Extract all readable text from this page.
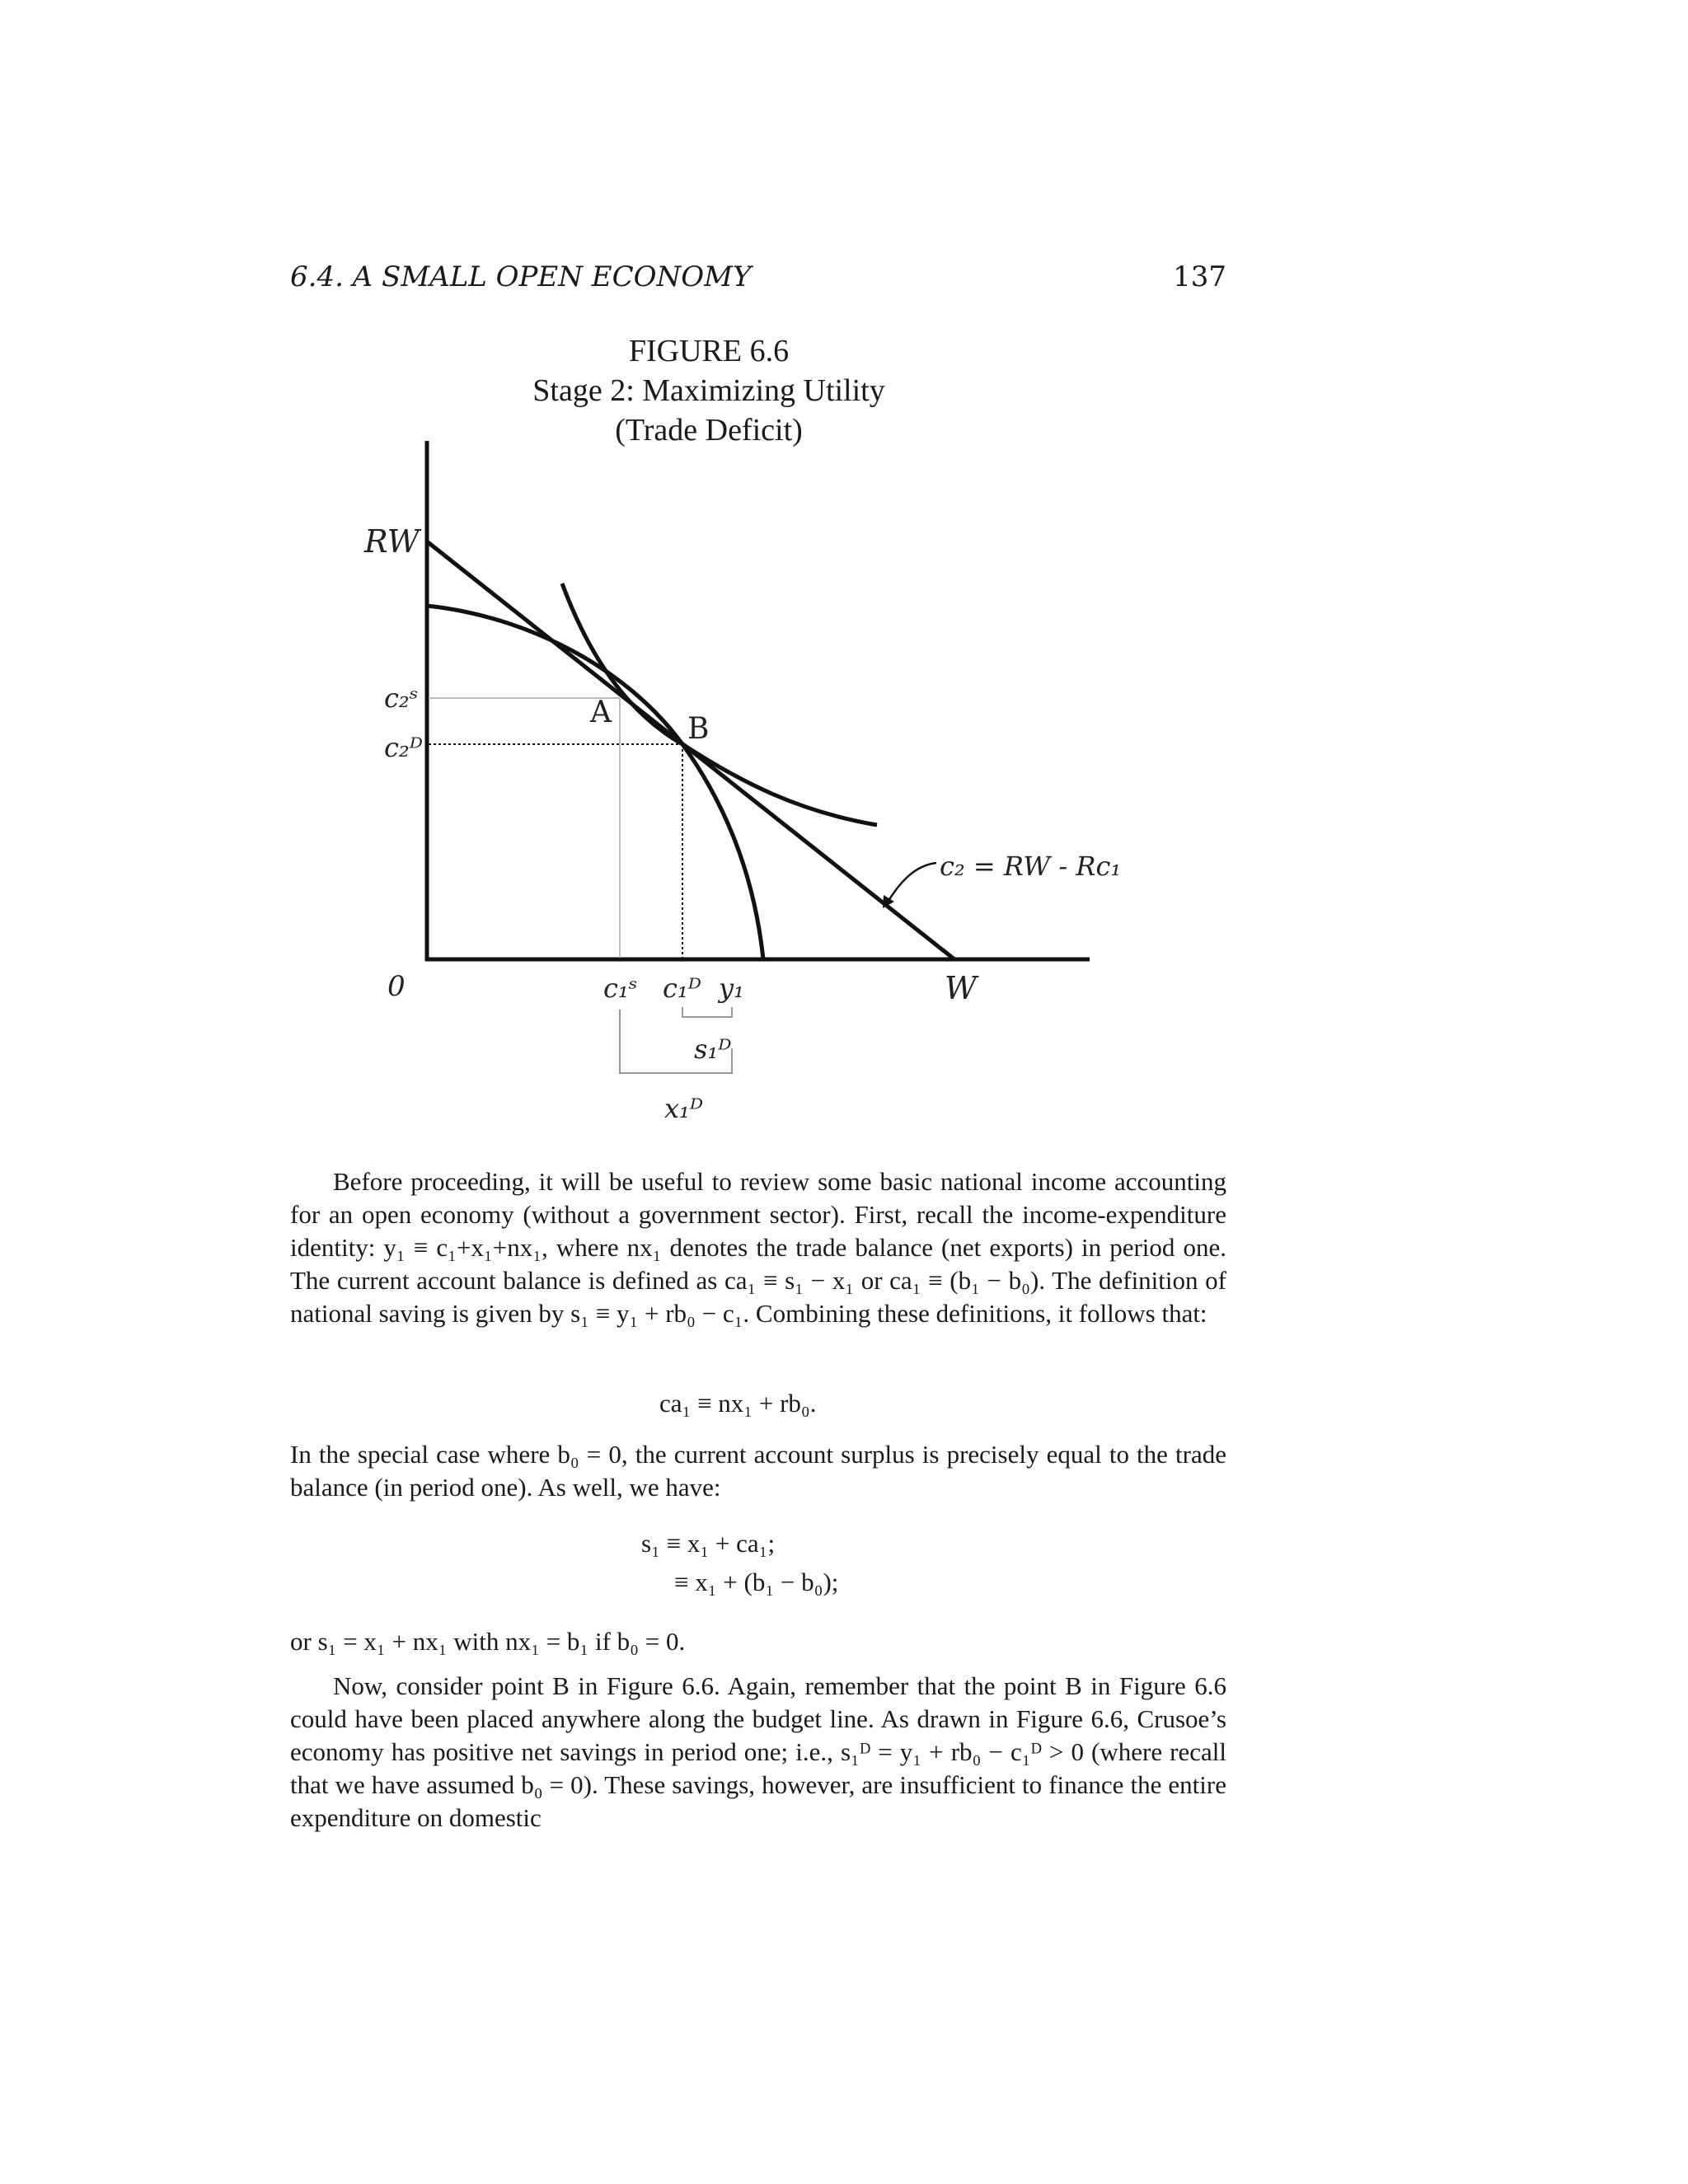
6.4. A SMALL OPEN ECONOMY	137
FIGURE 6.6
Stage 2: Maximizing Utility
(Trade Deficit)
RW
0	W
A	B
c₂ = RW - Rc₁
c₂ˢ
c₂ᴰ
c₁ˢ c₁ᴰ y₁
s₁ᴰ
x₁ᴰ
Before proceeding, it will be useful to review some basic national income accounting for an open economy (without a government sector). First, recall the income-expenditure identity: y₁ ≡ c₁+x₁+nx₁, where nx₁ denotes the trade balance (net exports) in period one. The current account balance is defined as ca₁ ≡ s₁ − x₁ or ca₁ ≡ (b₁ − b₀). The definition of national saving is given by s₁ ≡ y₁ + rb₀ − c₁. Combining these definitions, it follows that:
ca₁ ≡ nx₁ + rb₀.
In the special case where b₀ = 0, the current account surplus is precisely equal to the trade balance (in period one). As well, we have:
s₁ ≡ x₁ + ca₁;
≡ x₁ + (b₁ − b₀);
or s₁ = x₁ + nx₁ with nx₁ = b₁ if b₀ = 0.
Now, consider point B in Figure 6.6. Again, remember that the point B in Figure 6.6 could have been placed anywhere along the budget line. As drawn in Figure 6.6, Crusoe’s economy has positive net savings in period one; i.e., s₁ᴰ = y₁ + rb₀ − c₁ᴰ > 0 (where recall that we have assumed b₀ = 0). These savings, however, are insufficient to finance the entire expenditure on domestic
